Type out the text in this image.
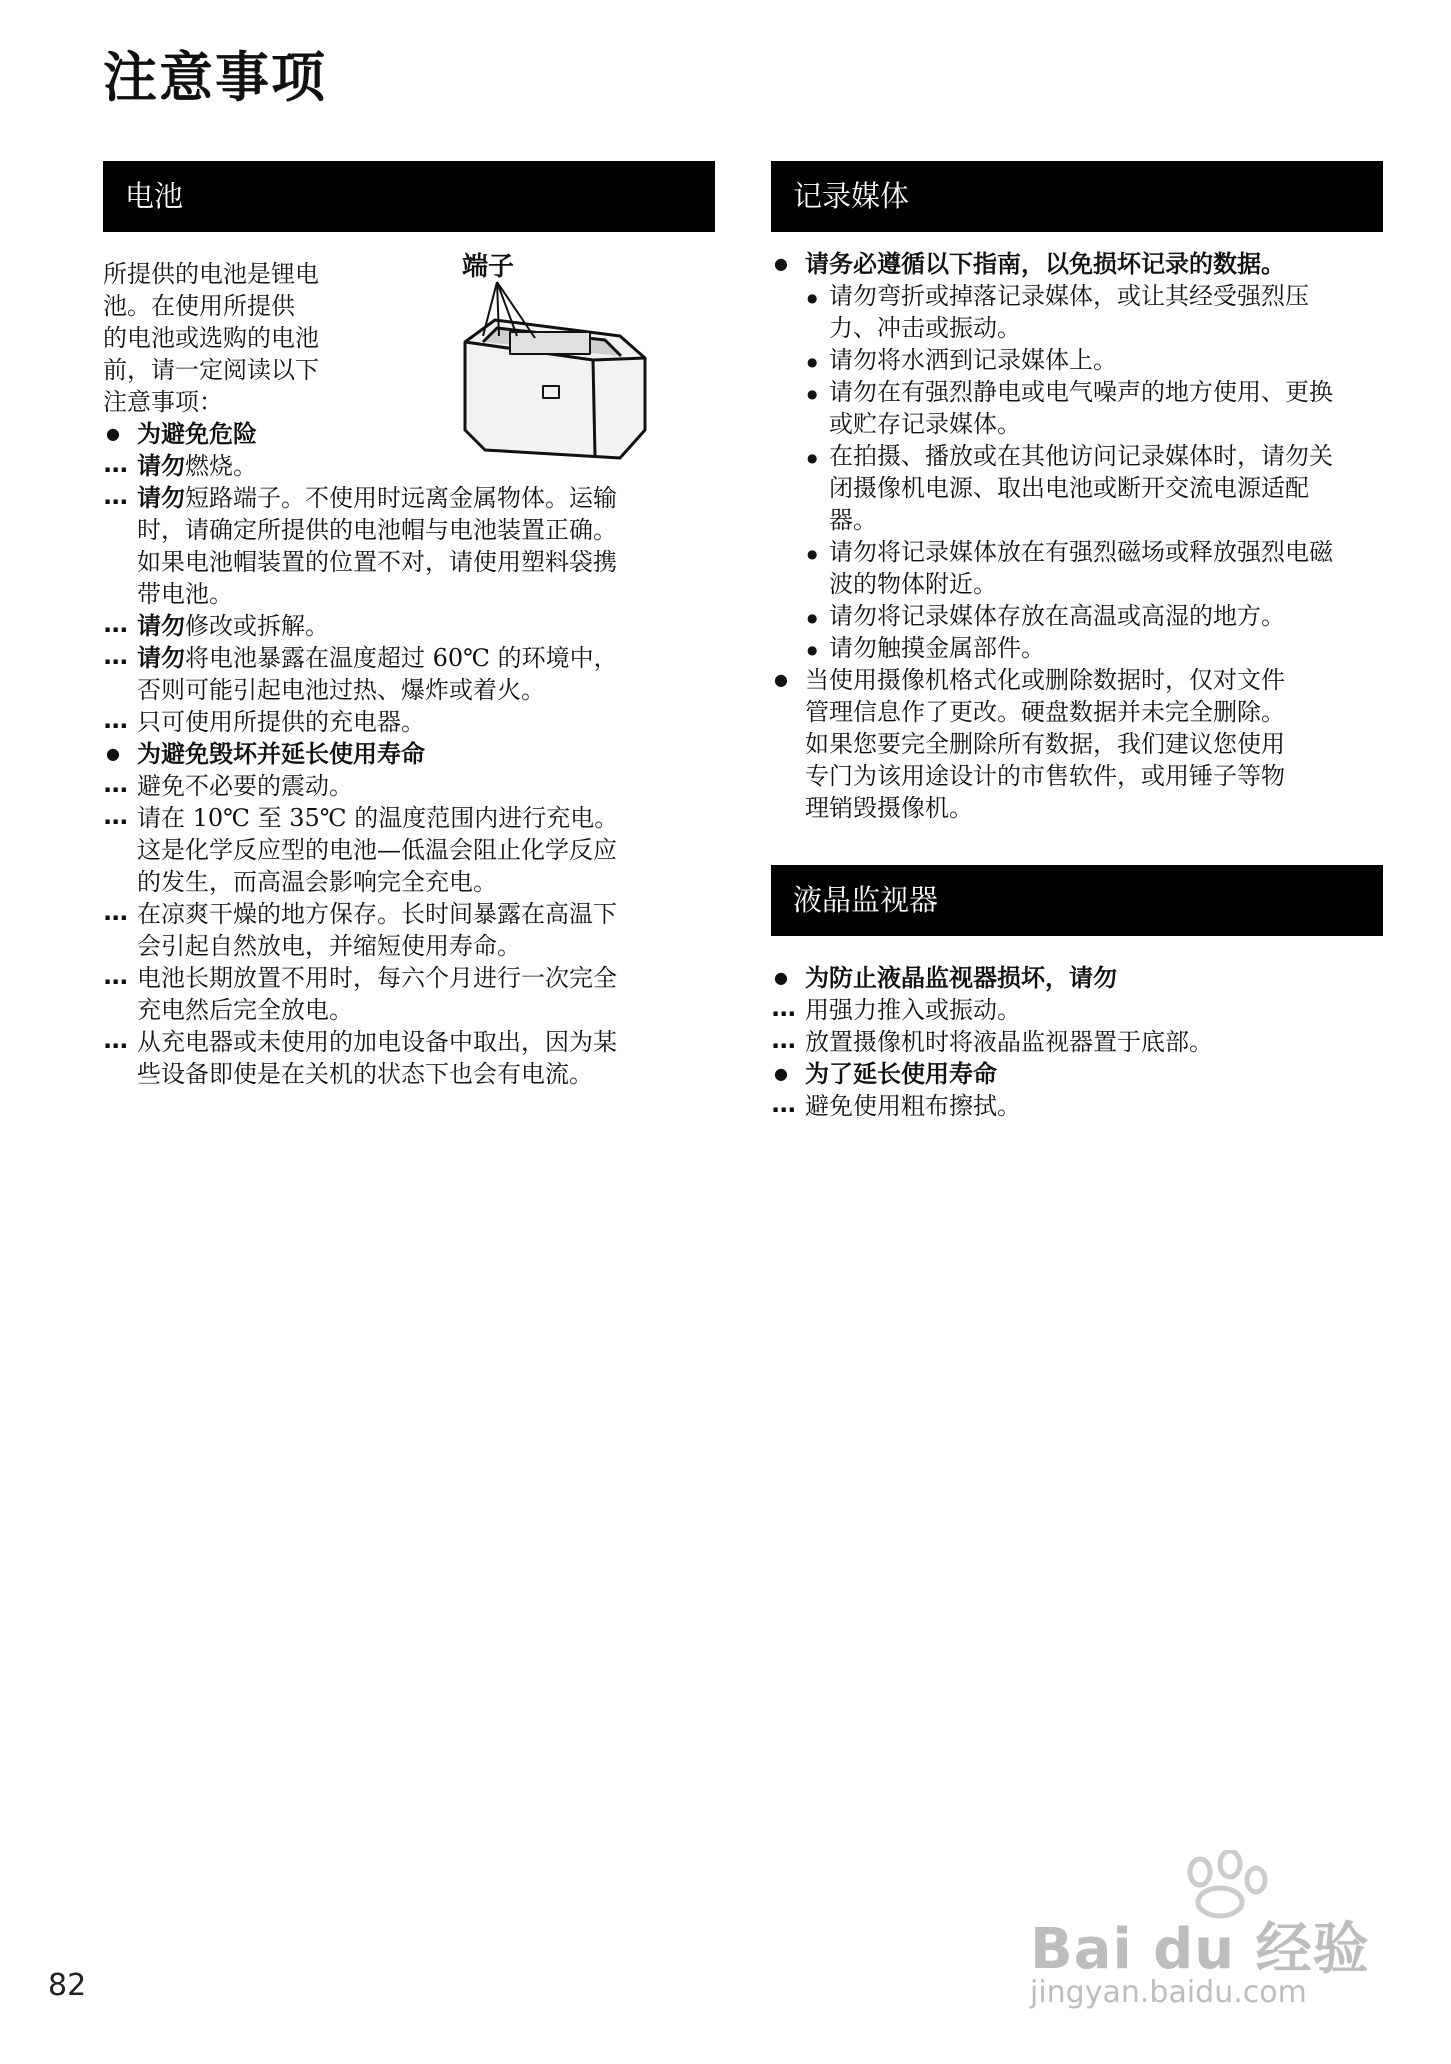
注意事项
电池	记录媒体
液晶监视器
所提供的电池是锂电
池。在使用所提供
的电池或选购的电池
前，请一定阅读以下
注意事项：
端子
● 为避免危险
... 请勿燃烧。
... 请勿短路端子。不使用时远离金属物体。运输
时，请确定所提供的电池帽与电池装置正确。
如果电池帽装置的位置不对，请使用塑料袋携
带电池。
... 请勿修改或拆解。
... 请勿将电池暴露在温度超过 60℃ 的环境中，
否则可能引起电池过热、爆炸或着火。
... 只可使用所提供的充电器。
● 为避免毁坏并延长使用寿命
... 避免不必要的震动。
... 请在 10℃ 至 35℃ 的温度范围内进行充电。
这是化学反应型的电池—低温会阻止化学反应
的发生，而高温会影响完全充电。
... 在凉爽干燥的地方保存。长时间暴露在高温下
会引起自然放电，并缩短使用寿命。
... 电池长期放置不用时，每六个月进行一次完全
充电然后完全放电。
... 从充电器或未使用的加电设备中取出，因为某
些设备即使是在关机的状态下也会有电流。
● 请务必遵循以下指南，以免损坏记录的数据。
● 请勿弯折或掉落记录媒体，或让其经受强烈压
力、冲击或振动。
● 请勿将水洒到记录媒体上。
● 请勿在有强烈静电或电气噪声的地方使用、更换
或贮存记录媒体。
● 在拍摄、播放或在其他访问记录媒体时，请勿关
闭摄像机电源、取出电池或断开交流电源适配
器。
● 请勿将记录媒体放在有强烈磁场或释放强烈电磁
波的物体附近。
● 请勿将记录媒体存放在高温或高湿的地方。
● 请勿触摸金属部件。
● 当使用摄像机格式化或删除数据时，仅对文件
管理信息作了更改。硬盘数据并未完全删除。
如果您要完全删除所有数据，我们建议您使用
专门为该用途设计的市售软件，或用锤子等物
理销毁摄像机。
● 为防止液晶监视器损坏，请勿
... 用强力推入或振动。
... 放置摄像机时将液晶监视器置于底部。
● 为了延长使用寿命
... 避免使用粗布擦拭。
82
Bai du 经验
jingyan.baidu.com
